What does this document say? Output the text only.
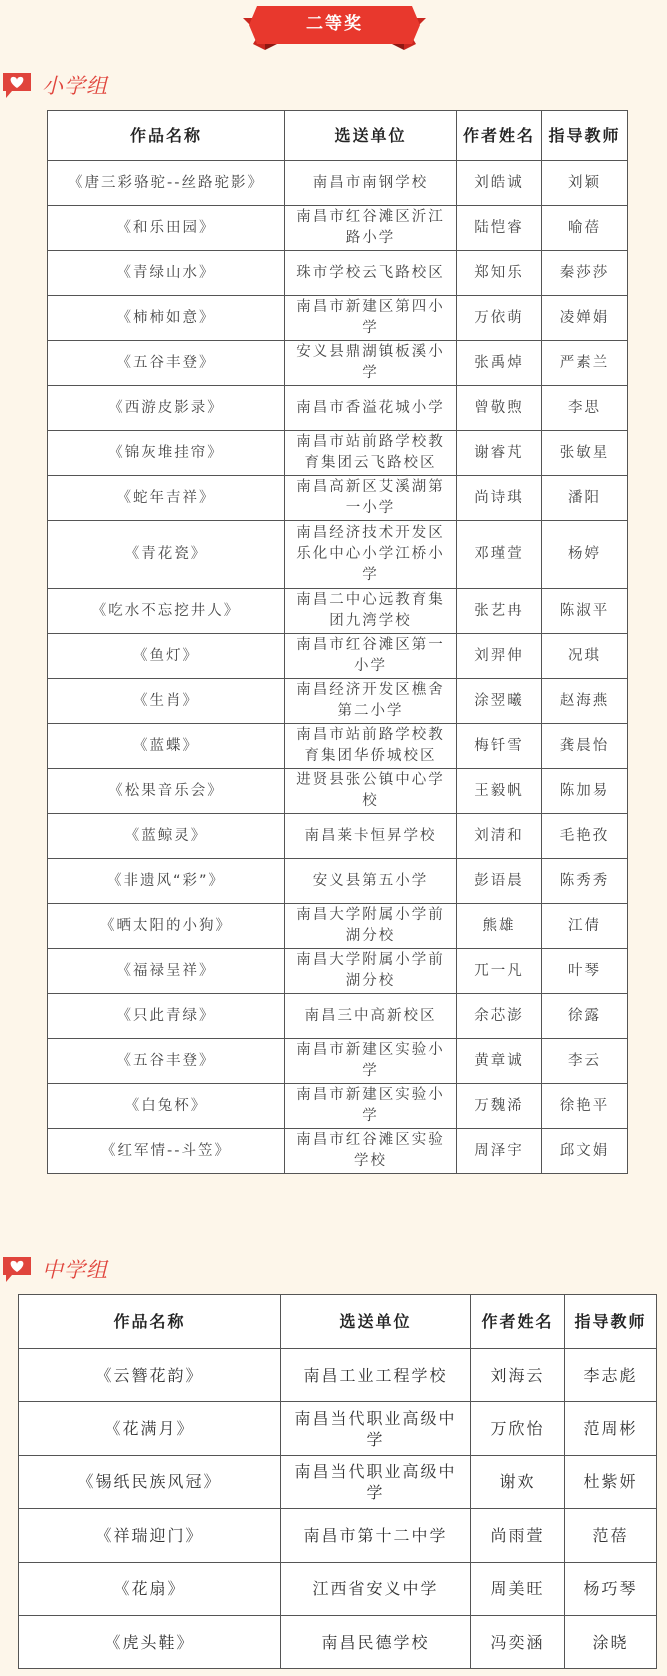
二等奖
小学组
作品名称	选送单位	作者姓名	指导教师
《唐三彩骆驼--丝路驼影》	南昌市南钢学校	刘皓诚	刘颖
《和乐田园》	南昌市红谷滩区沂江路小学	陆恺睿	喻蓓
《青绿山水》	珠市学校云飞路校区	郑知乐	秦莎莎
《柿柿如意》	南昌市新建区第四小学	万依萌	凌婵娟
《五谷丰登》	安义县鼎湖镇板溪小学	张禹焯	严素兰
《西游皮影录》	南昌市香溢花城小学	曾敬煦	李思
《锦灰堆挂帘》	南昌市站前路学校教育集团云飞路校区	谢睿芃	张敏星
《蛇年吉祥》	南昌高新区艾溪湖第一小学	尚诗琪	潘阳
《青花瓷》	南昌经济技术开发区乐化中心小学江桥小学	邓瑾萱	杨婷
《吃水不忘挖井人》	南昌二中心远教育集团九湾学校	张艺冉	陈淑平
《鱼灯》	南昌市红谷滩区第一小学	刘羿伸	况琪
《生肖》	南昌经济开发区樵舍第二小学	涂翌曦	赵海燕
《蓝蝶》	南昌市站前路学校教育集团华侨城校区	梅钎雪	龚晨怡
《松果音乐会》	进贤县张公镇中心学校	王毅帆	陈加易
《蓝鲸灵》	南昌莱卡恒昇学校	刘清和	毛艳孜
《非遗风“彩”》	安义县第五小学	彭语晨	陈秀秀
《晒太阳的小狗》	南昌大学附属小学前湖分校	熊雄	江倩
《福禄呈祥》	南昌大学附属小学前湖分校	兀一凡	叶琴
《只此青绿》	南昌三中高新校区	余芯澎	徐露
《五谷丰登》	南昌市新建区实验小学	黄章诚	李云
《白兔杯》	南昌市新建区实验小学	万魏浠	徐艳平
《红军情--斗笠》	南昌市红谷滩区实验学校	周泽宇	邱文娟
中学组
作品名称	选送单位	作者姓名	指导教师
《云簪花韵》	南昌工业工程学校	刘海云	李志彪
《花满月》	南昌当代职业高级中学	万欣怡	范周彬
《锡纸民族风冠》	南昌当代职业高级中学	谢欢	杜紫妍
《祥瑞迎门》	南昌市第十二中学	尚雨萱	范蓓
《花扇》	江西省安义中学	周美旺	杨巧琴
《虎头鞋》	南昌民德学校	冯奕涵	涂晓
